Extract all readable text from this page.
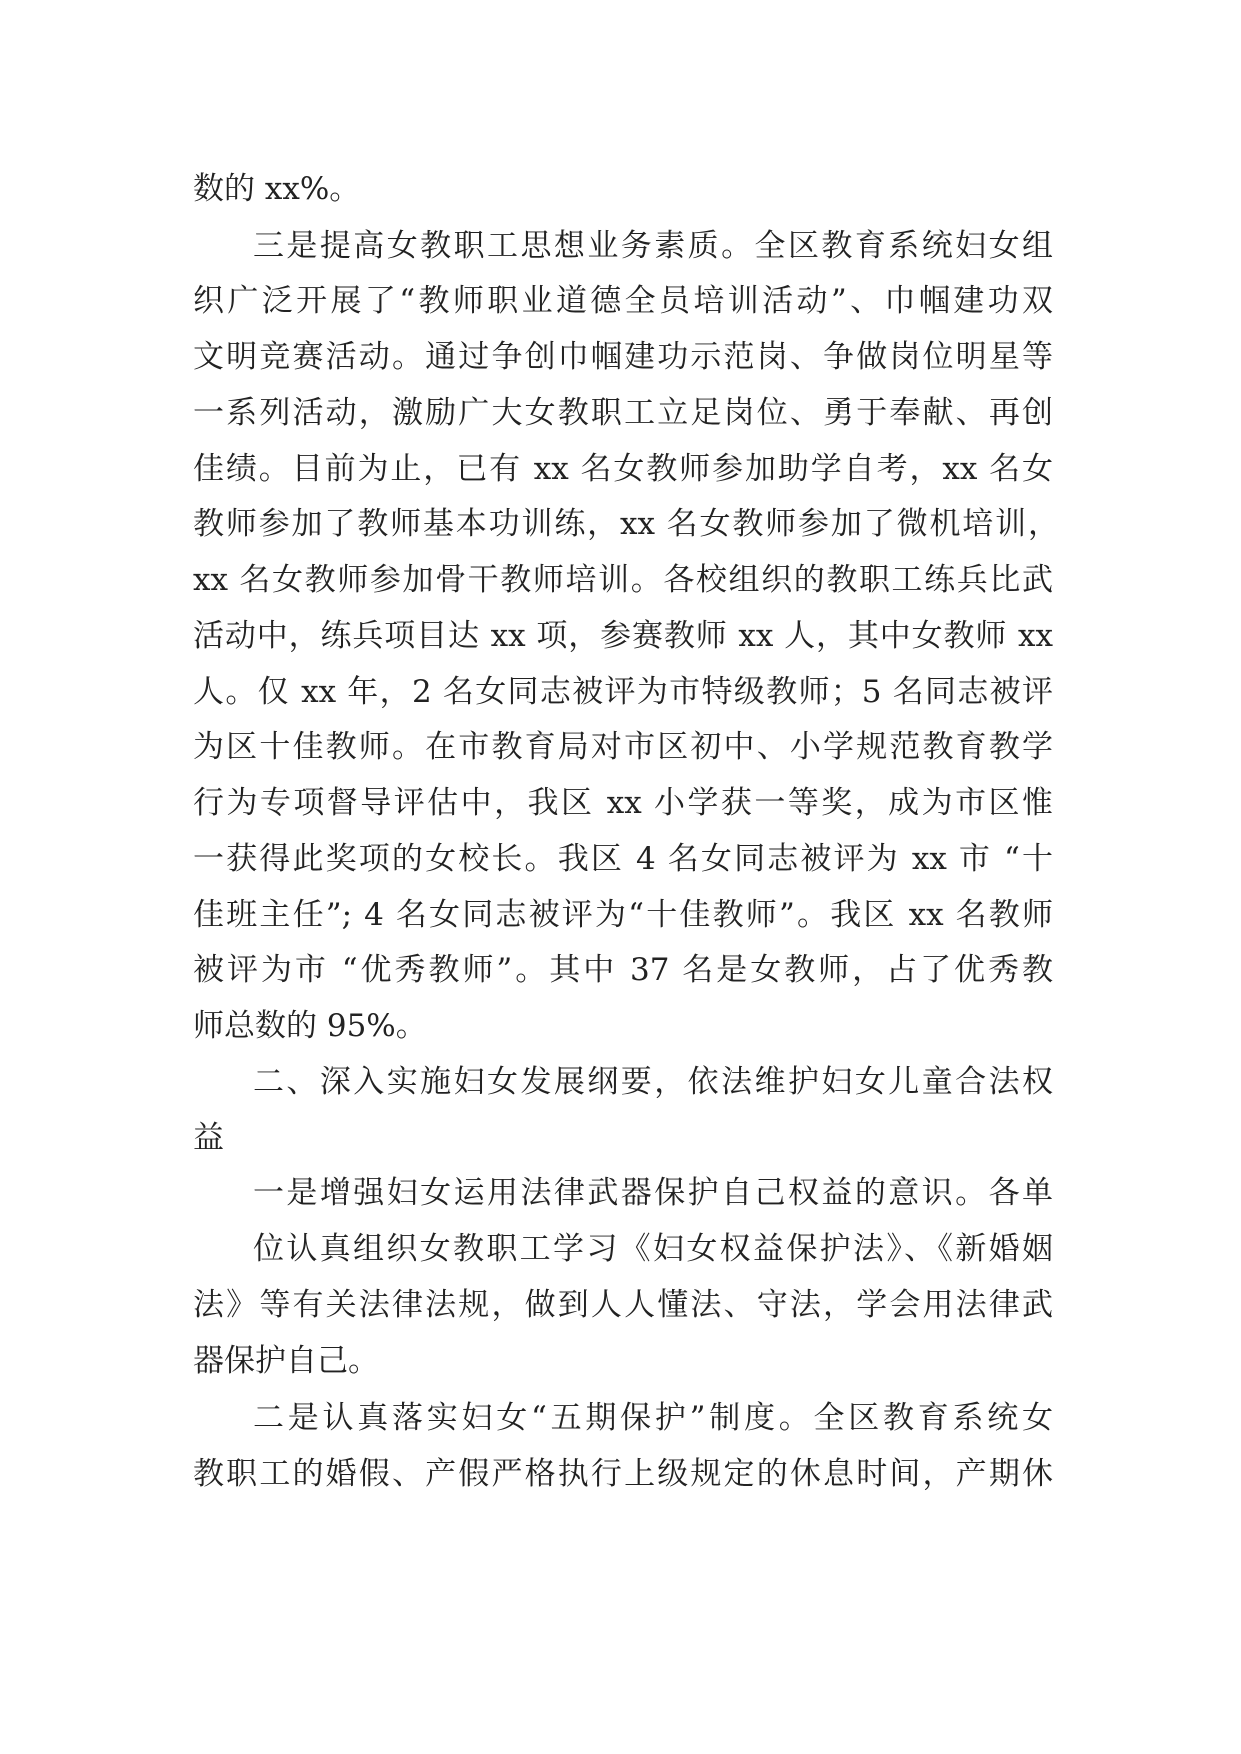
数的 xx%。
三是提高女教职工思想业务素质。全区教育系统妇女组
织广泛开展了“教师职业道德全员培训活动”、巾帼建功双
文明竞赛活动。通过争创巾帼建功示范岗、争做岗位明星等
一系列活动，激励广大女教职工立足岗位、勇于奉献、再创
佳绩。目前为止，已有 xx 名女教师参加助学自考，xx 名女
教师参加了教师基本功训练，xx 名女教师参加了微机培训，
xx 名女教师参加骨干教师培训。各校组织的教职工练兵比武
活动中，练兵项目达 xx 项，参赛教师 xx 人，其中女教师 xx
人。仅 xx 年，2 名女同志被评为市特级教师；5 名同志被评
为区十佳教师。在市教育局对市区初中、小学规范教育教学
行为专项督导评估中，我区 xx 小学获一等奖，成为市区惟
一获得此奖项的女校长。我区 4 名女同志被评为 xx 市 “十
佳班主任”; 4 名女同志被评为“十佳教师”。我区 xx 名教师
被评为市 “优秀教师”。其中 37 名是女教师，占了优秀教
师总数的 95%。
二、深入实施妇女发展纲要，依法维护妇女儿童合法权
益
一是增强妇女运用法律武器保护自己权益的意识。各单
位认真组织女教职工学习《妇女权益保护法》、《新婚姻
法》等有关法律法规，做到人人懂法、守法，学会用法律武
器保护自己。
二是认真落实妇女“五期保护”制度。全区教育系统女
教职工的婚假、产假严格执行上级规定的休息时间，产期休
